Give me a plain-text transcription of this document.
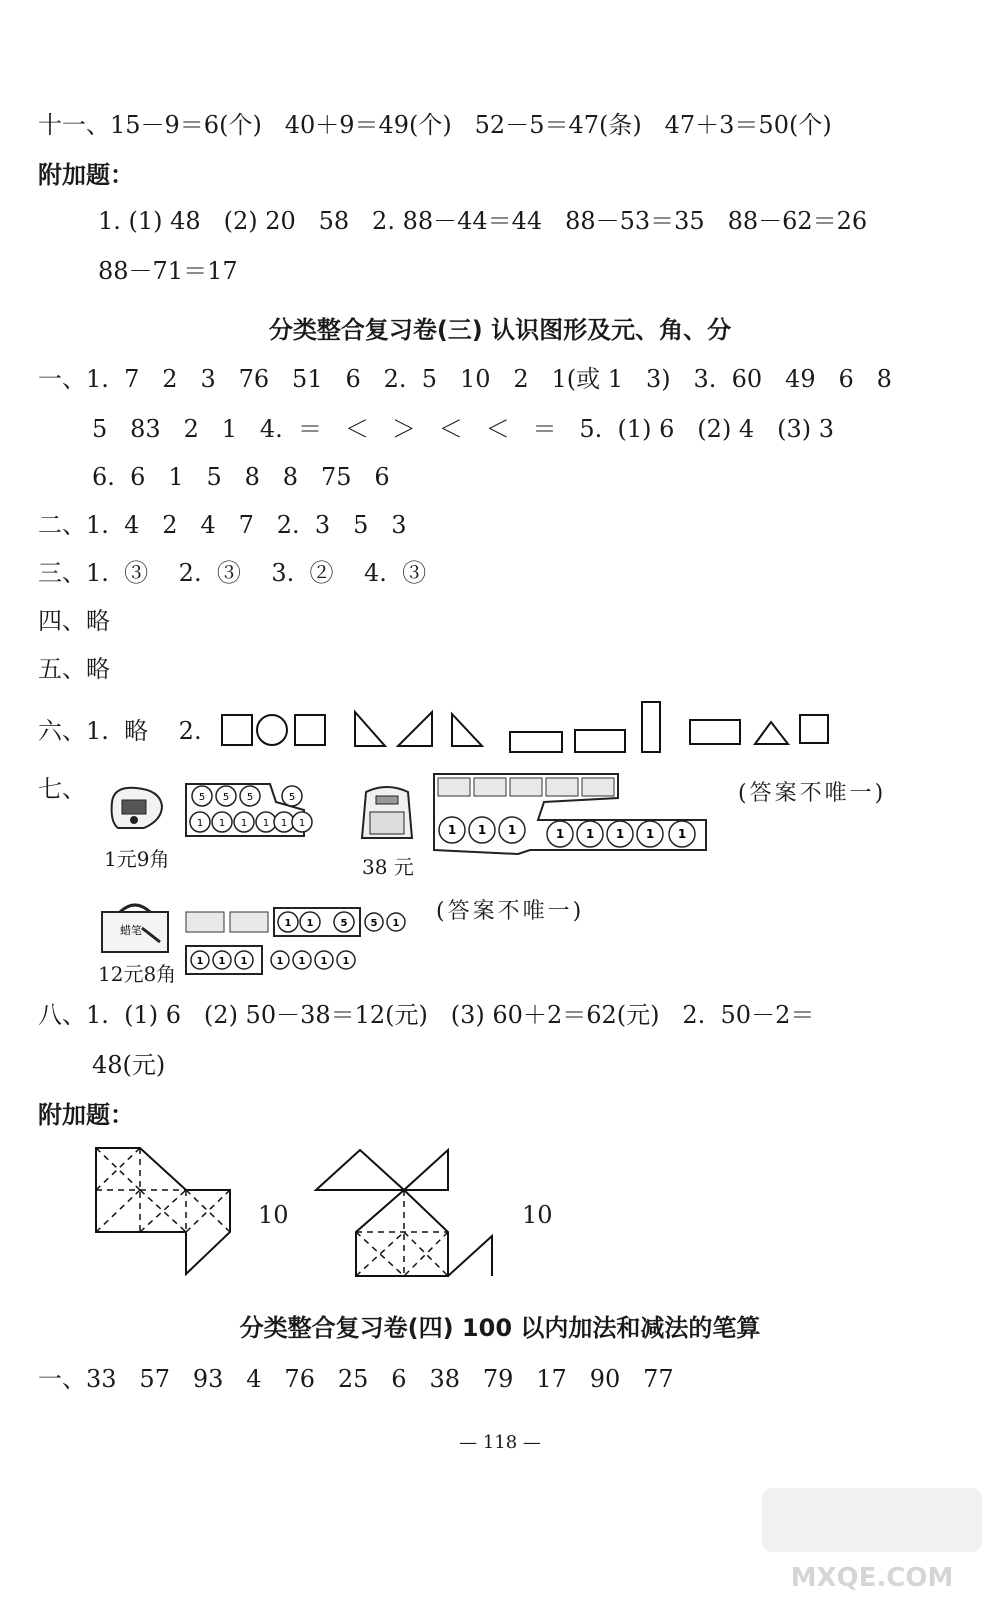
十一、15－9＝6(个)   40＋9＝49(个)   52－5＝47(条)   47＋3＝50(个)
附加题：
1. (1) 48   (2) 20   58   2. 88－44＝44   88－53＝35   88－62＝26
88－71＝17
分类整合复习卷(三) 认识图形及元、角、分
一、1.  7   2   3   76   51   6   2.  5   10   2   1(或 1   3)   3.  60   49   6   8
5   83   2   1   4.  ＝   ＜   ＞   ＜   ＜   ＝   5.  (1) 6   (2) 4   (3) 3
6.  6   1   5   8   8   75   6
二、1.  4   2   4   7   2.  3   5   3
三、1.  ③    2.  ③    3.  ②    4.  ③
四、略
五、略
六、1.  略    2.
七、	(答案不唯一)
1元9角
5 5 5	5
1 1 1 1 1 1
38 元
1 1 1	1 1 1 1 1
(答案不唯一)
蜡笔
12元8角
1 1	5 5 1
1 1 1	1 1 1 1
八、1.  (1) 6   (2) 50－38＝12(元)   (3) 60＋2＝62(元)   2.  50－2＝
48(元)
附加题：
10	10
分类整合复习卷(四) 100 以内加法和减法的笔算
一、33   57   93   4   76   25   6   38   79   17   90   77
— 118 —
MXQE.COM
